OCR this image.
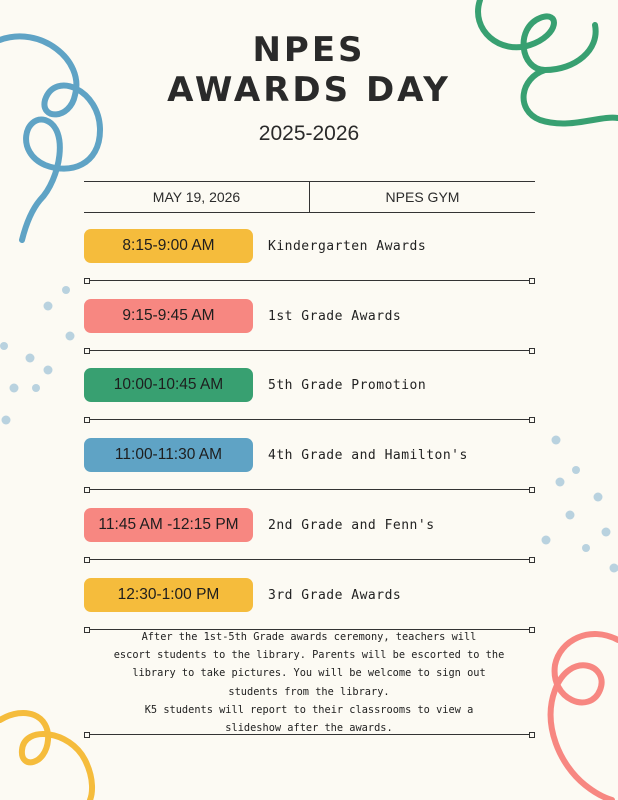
NPES
AWARDS DAY
2025-2026
MAY 19, 2026	NPES GYM
8:15-9:00 AM	Kindergarten Awards
9:15-9:45 AM	1st Grade Awards
10:00-10:45 AM	5th Grade Promotion
11:00-11:30 AM	4th Grade and Hamilton's
11:45 AM -12:15 PM	2nd Grade and Fenn's
12:30-1:00 PM	3rd Grade Awards

After the 1st-5th Grade awards ceremony, teachers will

escort students to the library. Parents will be escorted to the

library to take pictures. You will be welcome to sign out

students from the library.

K5 students will report to their classrooms to view a

slideshow after the awards.
